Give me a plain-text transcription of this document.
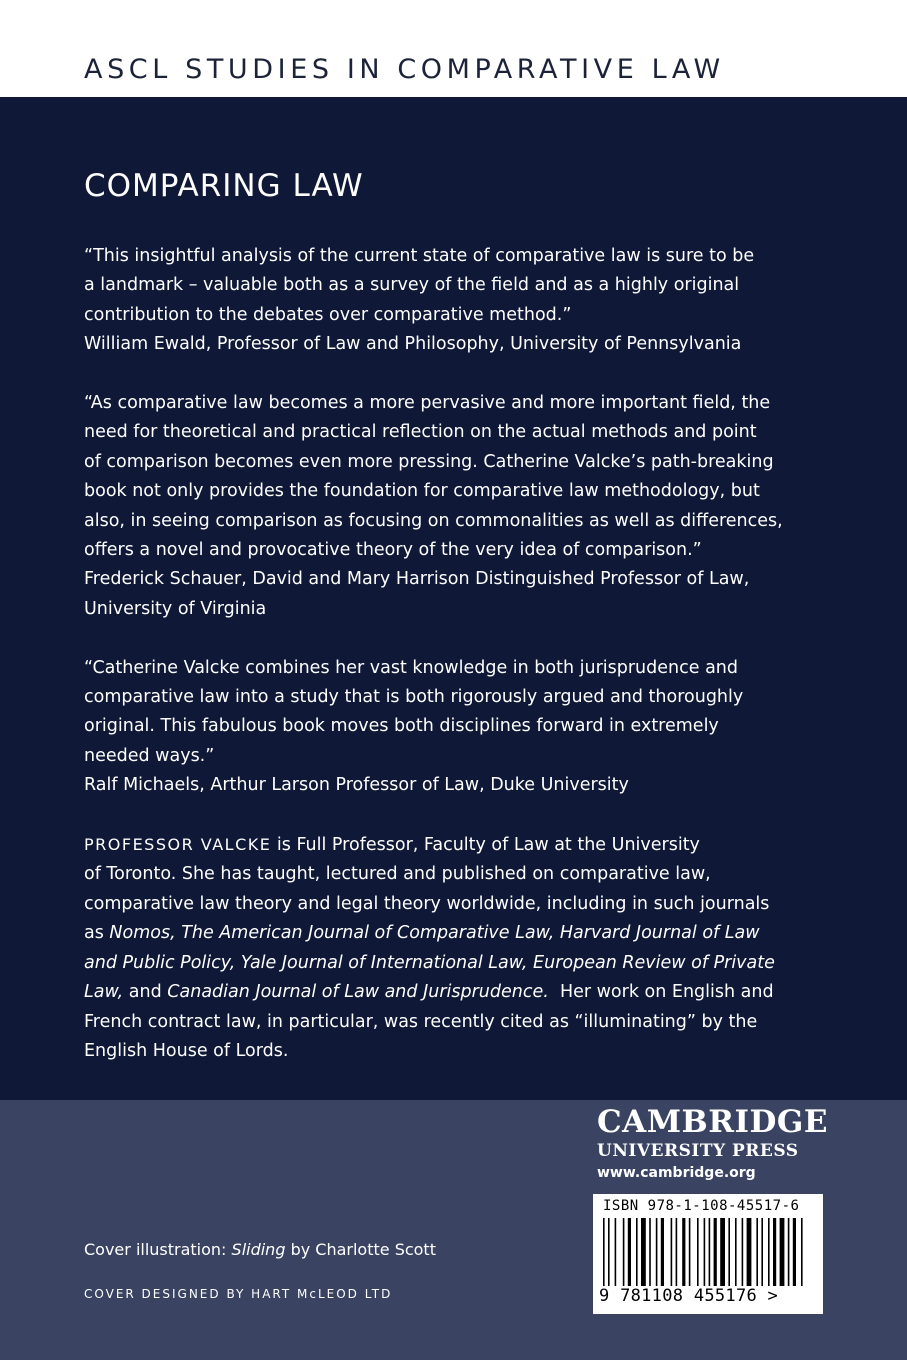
ASCL STUDIES IN COMPARATIVE LAW
COMPARING LAW

“This insightful analysis of the current state of comparative law is sure to be

a landmark – valuable both as a survey of the field and as a highly original

contribution to the debates over comparative method.”

William Ewald, Professor of Law and Philosophy, University of Pennsylvania

“As comparative law becomes a more pervasive and more important field, the

need for theoretical and practical reflection on the actual methods and point

of comparison becomes even more pressing. Catherine Valcke’s path-breaking

book not only provides the foundation for comparative law methodology, but

also, in seeing comparison as focusing on commonalities as well as differences,

offers a novel and provocative theory of the very idea of comparison.”

Frederick Schauer, David and Mary Harrison Distinguished Professor of Law,

University of Virginia

“Catherine Valcke combines her vast knowledge in both jurisprudence and

comparative law into a study that is both rigorously argued and thoroughly

original. This fabulous book moves both disciplines forward in extremely

needed ways.”

Ralf Michaels, Arthur Larson Professor of Law, Duke University

PROFESSOR VALCKE is Full Professor, Faculty of Law at the University

of Toronto. She has taught, lectured and published on comparative law,

comparative law theory and legal theory worldwide, including in such journals

as Nomos, The American Journal of Comparative Law, Harvard Journal of Law

and Public Policy, Yale Journal of International Law, European Review of Private

Law, and Canadian Journal of Law and Jurisprudence.  Her work on English and

French contract law, in particular, was recently cited as “illuminating” by the

English House of Lords.

CAMBRIDGE
UNIVERSITY PRESS
www.cambridge.org
ISBN 978-1-108-45517-6
9 781108 455176 >
Cover illustration: Sliding by Charlotte Scott
COVER DESIGNED BY HART McLEOD LTD
